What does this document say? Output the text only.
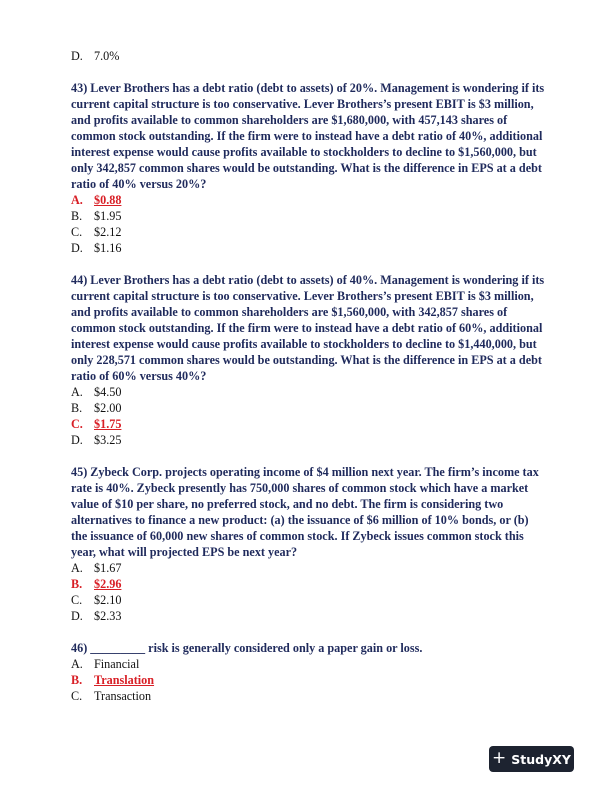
D. 7.0%

43) Lever Brothers has a debt ratio (debt to assets) of 20%. Management is wondering if its current capital structure is too conservative. Lever Brothers’s present EBIT is $3 million, and profits available to common shareholders are $1,680,000, with 457,143 shares of common stock outstanding. If the firm were to instead have a debt ratio of 40%, additional interest expense would cause profits available to stockholders to decline to $1,560,000, but only 342,857 common shares would be outstanding. What is the difference in EPS at a debt ratio of 40% versus 20%?

A. $0.88
B. $1.95
C. $2.12
D. $1.16

44) Lever Brothers has a debt ratio (debt to assets) of 40%. Management is wondering if its current capital structure is too conservative. Lever Brothers’s present EBIT is $3 million, and profits available to common shareholders are $1,560,000, with 342,857 shares of common stock outstanding. If the firm were to instead have a debt ratio of 60%, additional interest expense would cause profits available to stockholders to decline to $1,440,000, but only 228,571 common shares would be outstanding. What is the difference in EPS at a debt ratio of 60% versus 40%?

A. $4.50
B. $2.00
C. $1.75
D. $3.25

45) Zybeck Corp. projects operating income of $4 million next year. The firm’s income tax rate is 40%. Zybeck presently has 750,000 shares of common stock which have a market value of $10 per share, no preferred stock, and no debt. The firm is considering two alternatives to finance a new product: (a) the issuance of $6 million of 10% bonds, or (b) the issuance of 60,000 new shares of common stock. If Zybeck issues common stock this year, what will projected EPS be next year?

A. $1.67
B. $2.96
C. $2.10
D. $2.33

46) _________ risk is generally considered only a paper gain or loss.

A. Financial
B. Translation
C. Transaction
+ StudyXY
